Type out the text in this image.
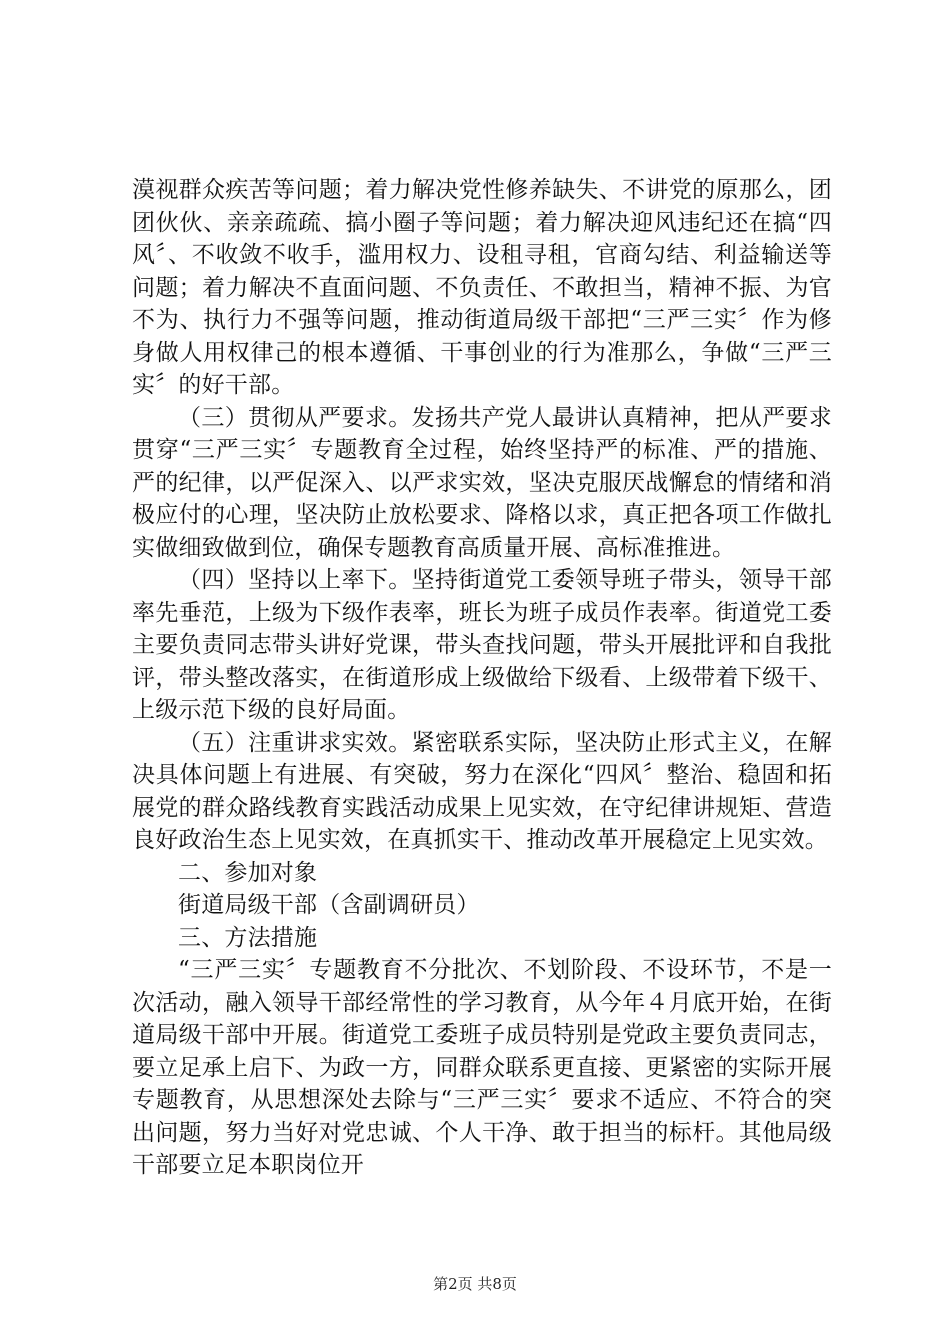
漠视群众疾苦等问题；着力解决党性修养缺失、不讲党的原那么，团团伙伙、亲亲疏疏、搞小圈子等问题；着力解决迎风违纪还在搞“四风〞、不收敛不收手，滥用权力、设租寻租，官商勾结、利益输送等问题；着力解决不直面问题、不负责任、不敢担当，精神不振、为官不为、执行力不强等问题，推动街道局级干部把“三严三实〞作为修身做人用权律己的根本遵循、干事创业的行为准那么，争做“三严三实〞的好干部。

（三）贯彻从严要求。发扬共产党人最讲认真精神，把从严要求贯穿“三严三实〞专题教育全过程，始终坚持严的标准、严的措施、严的纪律，以严促深入、以严求实效，坚决克服厌战懈怠的情绪和消极应付的心理，坚决防止放松要求、降格以求，真正把各项工作做扎实做细致做到位，确保专题教育高质量开展、高标准推进。

（四）坚持以上率下。坚持街道党工委领导班子带头，领导干部率先垂范，上级为下级作表率，班长为班子成员作表率。街道党工委主要负责同志带头讲好党课，带头查找问题，带头开展批评和自我批评，带头整改落实，在街道形成上级做给下级看、上级带着下级干、上级示范下级的良好局面。

（五）注重讲求实效。紧密联系实际，坚决防止形式主义，在解决具体问题上有进展、有突破，努力在深化“四风〞整治、稳固和拓展党的群众路线教育实践活动成果上见实效，在守纪律讲规矩、营造良好政治生态上见实效，在真抓实干、推动改革开展稳定上见实效。

二、参加对象

街道局级干部（含副调研员）

三、方法措施

“三严三实〞专题教育不分批次、不划阶段、不设环节，不是一次活动，融入领导干部经常性的学习教育，从今年４月底开始，在街道局级干部中开展。街道党工委班子成员特别是党政主要负责同志，要立足承上启下、为政一方，同群众联系更直接、更紧密的实际开展专题教育，从思想深处去除与“三严三实〞要求不适应、不符合的突出问题，努力当好对党忠诚、个人干净、敢于担当的标杆。其他局级干部要立足本职岗位开

第2页 共8页
